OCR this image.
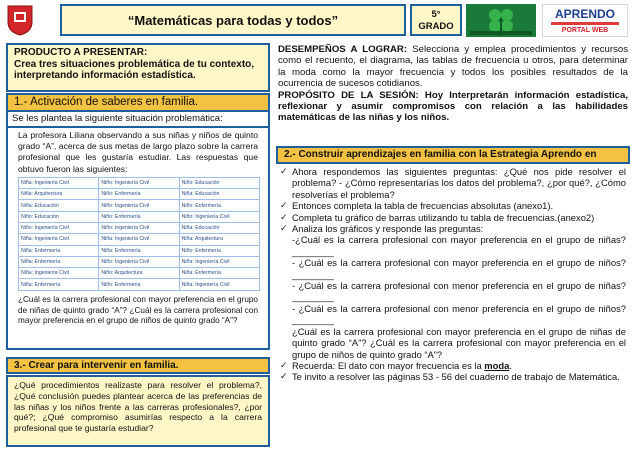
“Matemáticas para todas y todos”	5°
GRADO
APRENDO
PORTAL WEB
PRODUCTO A PRESENTAR:
Crea tres situaciones problemática de tu contexto, interpretando información estadística.
1.- Activación de saberes en familia.
Se les plantea la siguiente situación problemática:

La profesora Liliana observando a sus niñas y niños de quinto grado “A”, acerca de sus metas de largo plazo sobre la carrera profesional que les gustaría estudiar. Las respuestas que obtuvo fueron las siguientes:

Niña: Ingeniería Civil	Niño: Ingeniería Civil	Niño: Educación
Niña: Arquitectura	Niño: Enfermería	Niña: Educación
Niña: Educación	Niño: Ingeniería Civil	Niño: Enfermería
Niño: Educación	Niño: Enfermería	Niño: Ingeniería Civil
Niño: Ingeniería Civil	Niño: Ingeniería Civil	Niña: Educación
Niña: Ingeniería Civil	Niña: Ingeniería Civil	Niña: Arquitectura
Niña: Enfermería	Niña: Enfermería	Niño: Enfermería
Niña: Enfermería	Niño: Ingeniería Civil	Niña: Ingeniería Civil
Niña: Ingeniería Civil	Niño: Arquitectura	Niña: Enfermería
Niña: Enfermería	Niño: Enfermería	Niña: Ingeniería Civil

¿Cuál es la carrera profesional con mayor preferencia en el grupo de niñas de quinto grado “A”? ¿Cuál es la carrera profesional con mayor preferencia en el grupo de niños de quinto grado “A”?

3.- Crear para intervenir en familia.
¿Qué procedimientos realizaste para resolver el problema?, ¿Qué conclusión puedes plantear acerca de las preferencias de las niñas y los niños frente a las carreras profesionales?, ¿por qué?; ¿Qué compromiso asumirías respecto a la carrera profesional que te gustaría estudiar?
DESEMPEÑOS A LOGRAR: Selecciona y emplea procedimientos y recursos como el recuento, el diagrama, las tablas de frecuencia u otros, para determinar la moda como la mayor frecuencia y todos los posibles resultados de la ocurrencia de sucesos cotidianos.
PROPÓSITO DE LA SESIÓN: Hoy Interpretarán información estadística, reflexionar y asumir compromisos con relación a las habilidades matemáticas de las niñas y los niños.
2.- Construir aprendizajes en familia con la Estrategia Aprendo en
✓ Ahora respondemos las siguientes preguntas: ¿Qué nos pide resolver el problema? - ¿Cómo representarías los datos del problema?, ¿por qué?, ¿Cómo resolverías el problema?
✓ Entonces completa la tabla de frecuencias absolutas (anexo1).
✓ Completa tu gráfico de barras utilizando tu tabla de frecuencias.(anexo2)
✓ Analiza los gráficos y responde las preguntas:
-¿Cuál es la carrera profesional con mayor preferencia en el grupo de niñas? ________
- ¿Cuál es la carrera profesional con mayor preferencia en el grupo de niños? ________
- ¿Cuál es la carrera profesional con menor preferencia en el grupo de niñas? ________
- ¿Cuál es la carrera profesional con menor preferencia en el grupo de niños? ________
¿Cuál es la carrera profesional con mayor preferencia en el grupo de niñas de quinto grado “A”? ¿Cuál es la carrera profesional con mayor preferencia en el grupo de niños de quinto grado “A”?
✓ Recuerda: El dato con mayor frecuencia es la moda.
✓ Te invito a resolver las páginas 53 - 56 del cuaderno de trabajo de Matemática.
